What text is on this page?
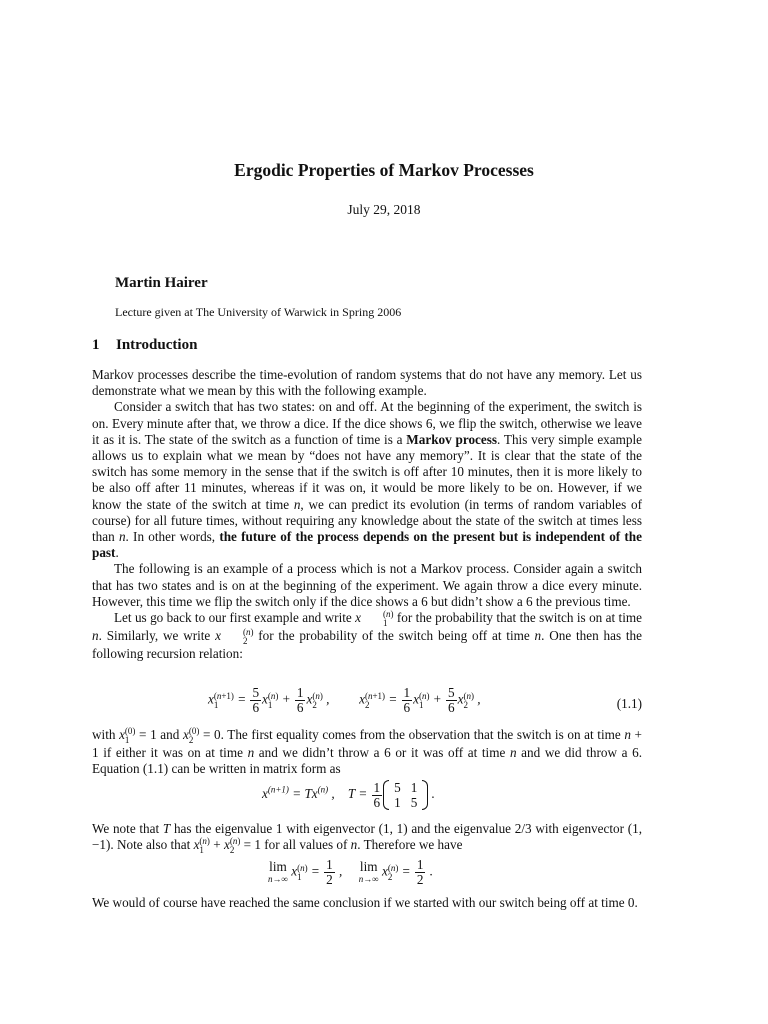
Ergodic Properties of Markov Processes
July 29, 2018
Martin Hairer
Lecture given at The University of Warwick in Spring 2006
1 Introduction

Markov processes describe the time-evolution of random systems that do not have any memory. Let us demonstrate what we mean by this with the following example.

Consider a switch that has two states: on and off. At the beginning of the experiment, the switch is on. Every minute after that, we throw a dice. If the dice shows 6, we flip the switch, otherwise we leave it as it is. The state of the switch as a function of time is a Markov process. This very simple example allows us to explain what we mean by “does not have any memory”. It is clear that the state of the switch has some memory in the sense that if the switch is off after 10 minutes, then it is more likely to be also off after 11 minutes, whereas if it was on, it would be more likely to be on. However, if we know the state of the switch at time n, we can predict its evolution (in terms of random variables of course) for all future times, without requiring any knowledge about the state of the switch at times less than n. In other words, the future of the process depends on the present but is independent of the past.

The following is an example of a process which is not a Markov process. Consider again a switch that has two states and is on at the beginning of the experiment. We again throw a dice every minute. However, this time we flip the switch only if the dice shows a 6 but didn’t show a 6 the previous time.

Let us go back to our first example and write x	(n)
1 for the probability that the switch is on at time n. Similarly, we write x	(n)
2 for the probability of the switch being off at time n. One then has the following recursion relation:

x (n+1)
1	= $\frac{5}{6}$ x (n)
$1 + \frac{1}{6}$ x (n)
2 ,         x (n+1)
2	= $\frac{1}{6}$ x (n)
$1 + \frac{5}{6}$ x (n)
2 ,	(1.1)

with x (0)
1 = 1 and x (0)
2 = 0. The first equality comes from the observation that the switch is on at time n + 1 if either it was on at time n and we didn’t throw a 6 or it was off at time n and we did throw a 6. Equation (1.1) can be written in matrix form as

$x^{(n+1)} = Tx^{(n)}$ ,    $T = \frac{1}{6} 5$	1
1	5
.

We note that T has the eigenvalue 1 with eigenvector (1, 1) and the eigenvalue 2/3 with eigenvector (1, −1). Note also that x (n)
1 + x (n)
2 = 1 for all values of n. Therefore we have

lim
n→∞ x (n)
$1 = \frac{1}{2}$ , lim
n→∞ x (n)
$2 = \frac{1}{2}$ .

We would of course have reached the same conclusion if we started with our switch being off at time 0.
